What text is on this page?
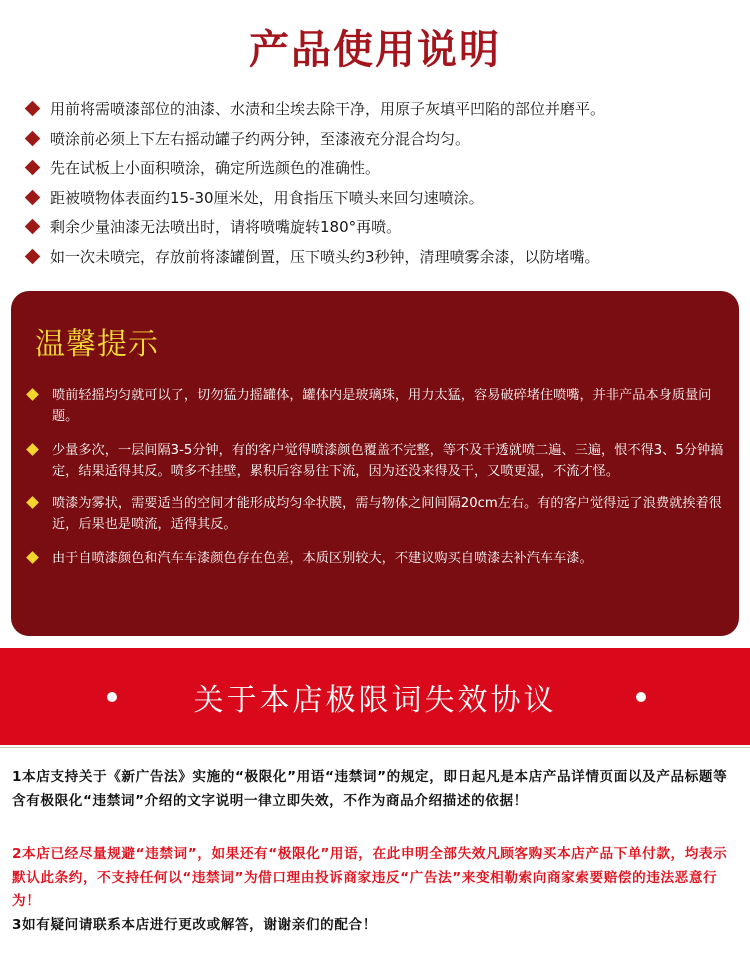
产品使用说明
用前将需喷漆部位的油漆、水渍和尘埃去除干净，用原子灰填平凹陷的部位并磨平。
喷涂前必须上下左右摇动罐子约两分钟，至漆液充分混合均匀。
先在试板上小面积喷涂，确定所选颜色的准确性。
距被喷物体表面约15-30厘米处，用食指压下喷头来回匀速喷涂。
剩余少量油漆无法喷出时，请将喷嘴旋转180°再喷。
如一次未喷完，存放前将漆罐倒置，压下喷头约3秒钟，清理喷雾余漆，以防堵嘴。
温馨提示
喷前轻摇均匀就可以了，切勿猛力摇罐体，罐体内是玻璃珠，用力太猛，容易破碎堵住喷嘴，并非产品本身质量问题。
少量多次，一层间隔3-5分钟，有的客户觉得喷漆颜色覆盖不完整，等不及干透就喷二遍、三遍，恨不得3、5分钟搞定，结果适得其反。喷多不挂壁，累积后容易往下流，因为还没来得及干，又喷更湿，不流才怪。
喷漆为雾状，需要适当的空间才能形成均匀伞状膜，需与物体之间间隔20cm左右。有的客户觉得远了浪费就挨着很近，后果也是喷流，适得其反。
由于自喷漆颜色和汽车车漆颜色存在色差，本质区别较大，不建议购买自喷漆去补汽车车漆。
关于本店极限词失效协议

1本店支持关于《新广告法》实施的“极限化”用语“违禁词”的规定，即日起凡是本店产品详情页面以及产品标题等含有极限化“违禁词”介绍的文字说明一律立即失效，不作为商品介绍描述的依据！

2本店已经尽量规避“违禁词”，如果还有“极限化”用语，在此申明全部失效凡顾客购买本店产品下单付款，均表示默认此条约，不支持任何以“违禁词”为借口理由投诉商家违反“广告法”来变相勒索向商家索要赔偿的违法恶意行为！

3如有疑问请联系本店进行更改或解答，谢谢亲们的配合！
